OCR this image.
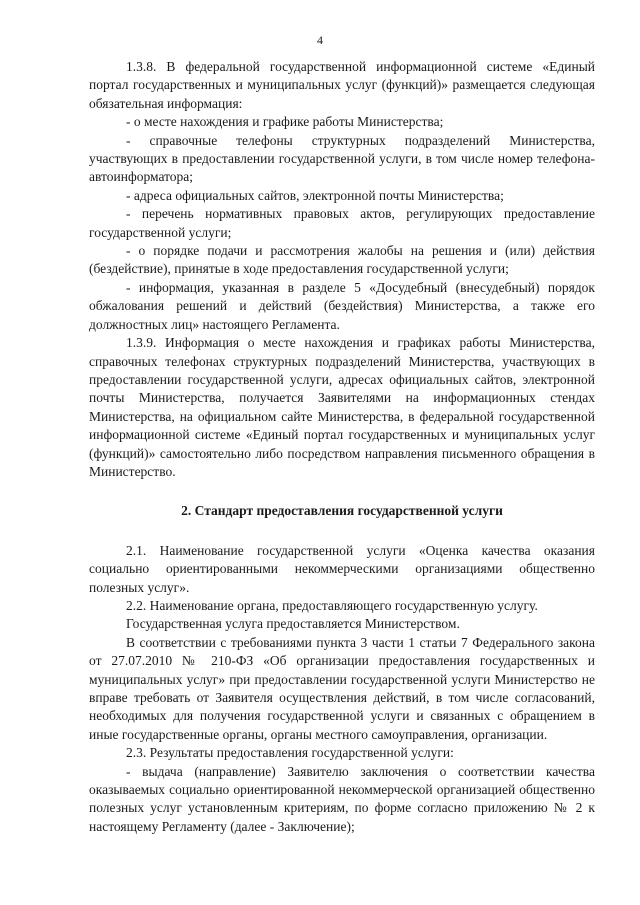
4

1.3.8. В федеральной государственной информационной системе «Единый портал государственных и муниципальных услуг (функций)» размещается следующая обязательная информация:

- о месте нахождения и графике работы Министерства;

- справочные телефоны структурных подразделений Министерства, участвующих в предоставлении государственной услуги, в том числе номер телефона-автоинформатора;

- адреса официальных сайтов, электронной почты Министерства;

- перечень нормативных правовых актов, регулирующих предоставление государственной услуги;

- о порядке подачи и рассмотрения жалобы на решения и (или) действия (бездействие), принятые в ходе предоставления государственной услуги;

- информация, указанная в разделе 5 «Досудебный (внесудебный) порядок обжалования решений и действий (бездействия) Министерства, а также его должностных лиц» настоящего Регламента.

1.3.9. Информация о месте нахождения и графиках работы Министерства, справочных телефонах структурных подразделений Министерства, участвующих в предоставлении государственной услуги, адресах официальных сайтов, электронной почты Министерства, получается Заявителями на информационных стендах Министерства, на официальном сайте Министерства, в федеральной государственной информационной системе «Единый портал государственных и муниципальных услуг (функций)» самостоятельно либо посредством направления письменного обращения в Министерство.

2. Стандарт предоставления государственной услуги

2.1. Наименование государственной услуги «Оценка качества оказания социально ориентированными некоммерческими организациями общественно полезных услуг».

2.2. Наименование органа, предоставляющего государственную услугу.

Государственная услуга предоставляется Министерством.

В соответствии с требованиями пункта 3 части 1 статьи 7 Федерального закона от 27.07.2010 № 210-ФЗ «Об организации предоставления государственных и муниципальных услуг» при предоставлении государственной услуги Министерство не вправе требовать от Заявителя осуществления действий, в том числе согласований, необходимых для получения государственной услуги и связанных с обращением в иные государственные органы, органы местного самоуправления, организации.

2.3. Результаты предоставления государственной услуги:

- выдача (направление) Заявителю заключения о соответствии качества оказываемых социально ориентированной некоммерческой организацией общественно полезных услуг установленным критериям, по форме согласно приложению № 2 к настоящему Регламенту (далее - Заключение);
